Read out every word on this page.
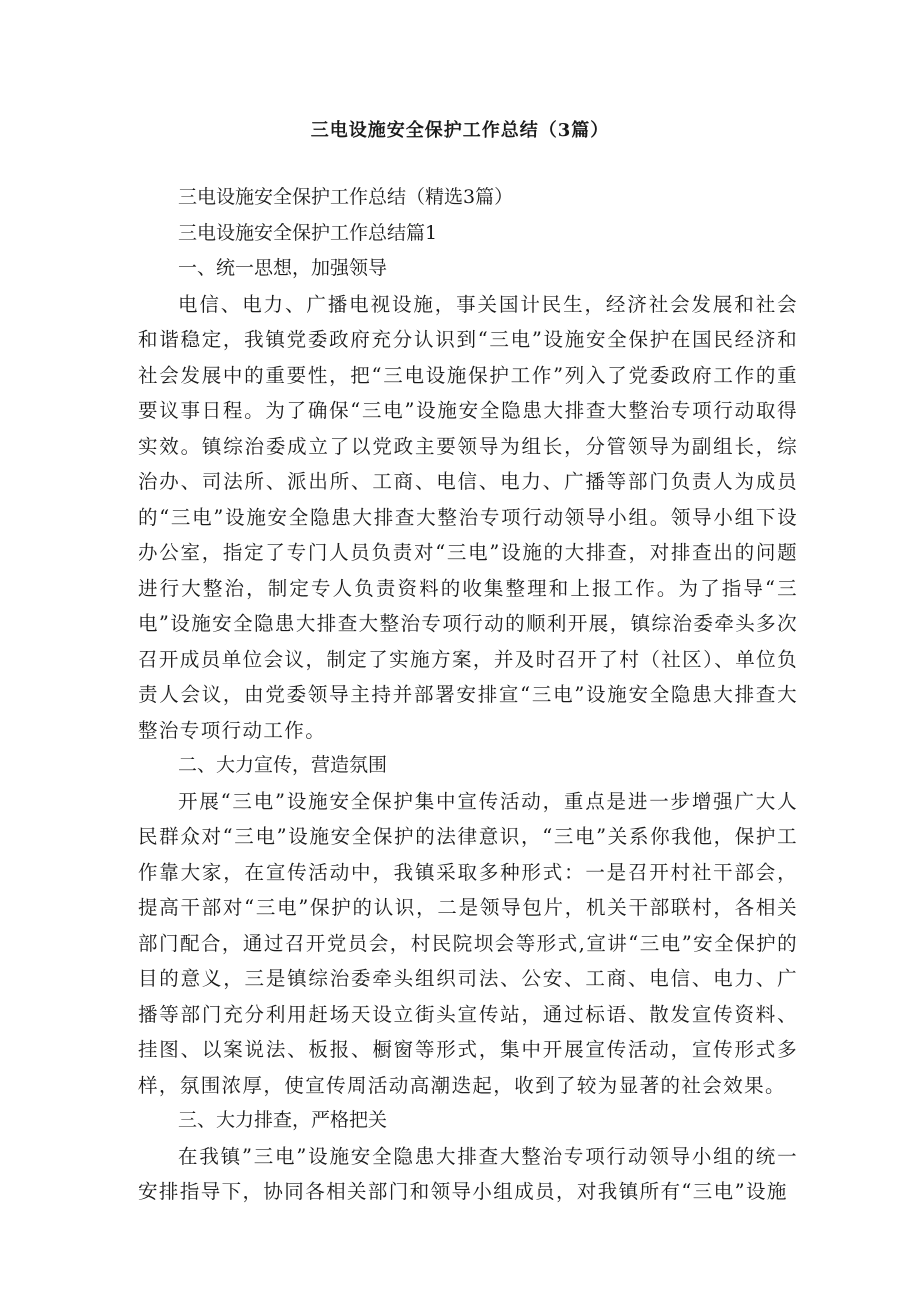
三电设施安全保护工作总结（3篇）

三电设施安全保护工作总结（精选3篇）

三电设施安全保护工作总结篇1

一、统一思想，加强领导

电信、电力、广播电视设施，事关国计民生，经济社会发展和社会和谐稳定，我镇党委政府充分认识到“三电”设施安全保护在国民经济和社会发展中的重要性，把“三电设施保护工作”列入了党委政府工作的重要议事日程。为了确保“三电”设施安全隐患大排查大整治专项行动取得实效。镇综治委成立了以党政主要领导为组长，分管领导为副组长，综治办、司法所、派出所、工商、电信、电力、广播等部门负责人为成员的“三电”设施安全隐患大排查大整治专项行动领导小组。领导小组下设办公室，指定了专门人员负责对“三电”设施的大排查，对排查出的问题进行大整治，制定专人负责资料的收集整理和上报工作。为了指导“三电”设施安全隐患大排查大整治专项行动的顺利开展，镇综治委牵头多次召开成员单位会议，制定了实施方案，并及时召开了村（社区）、单位负责人会议，由党委领导主持并部署安排宣“三电”设施安全隐患大排查大整治专项行动工作。

二、大力宣传，营造氛围

开展“三电”设施安全保护集中宣传活动，重点是进一步增强广大人民群众对“三电”设施安全保护的法律意识，“三电”关系你我他，保护工作靠大家，在宣传活动中，我镇采取多种形式：一是召开村社干部会，提高干部对“三电”保护的认识，二是领导包片，机关干部联村，各相关部门配合，通过召开党员会，村民院坝会等形式,宣讲“三电”安全保护的目的意义，三是镇综治委牵头组织司法、公安、工商、电信、电力、广播等部门充分利用赶场天设立街头宣传站，通过标语、散发宣传资料、挂图、以案说法、板报、橱窗等形式，集中开展宣传活动，宣传形式多样，氛围浓厚，使宣传周活动高潮迭起，收到了较为显著的社会效果。

三、大力排查，严格把关

在我镇”三电”设施安全隐患大排查大整治专项行动领导小组的统一安排指导下，协同各相关部门和领导小组成员，对我镇所有“三电”设施
